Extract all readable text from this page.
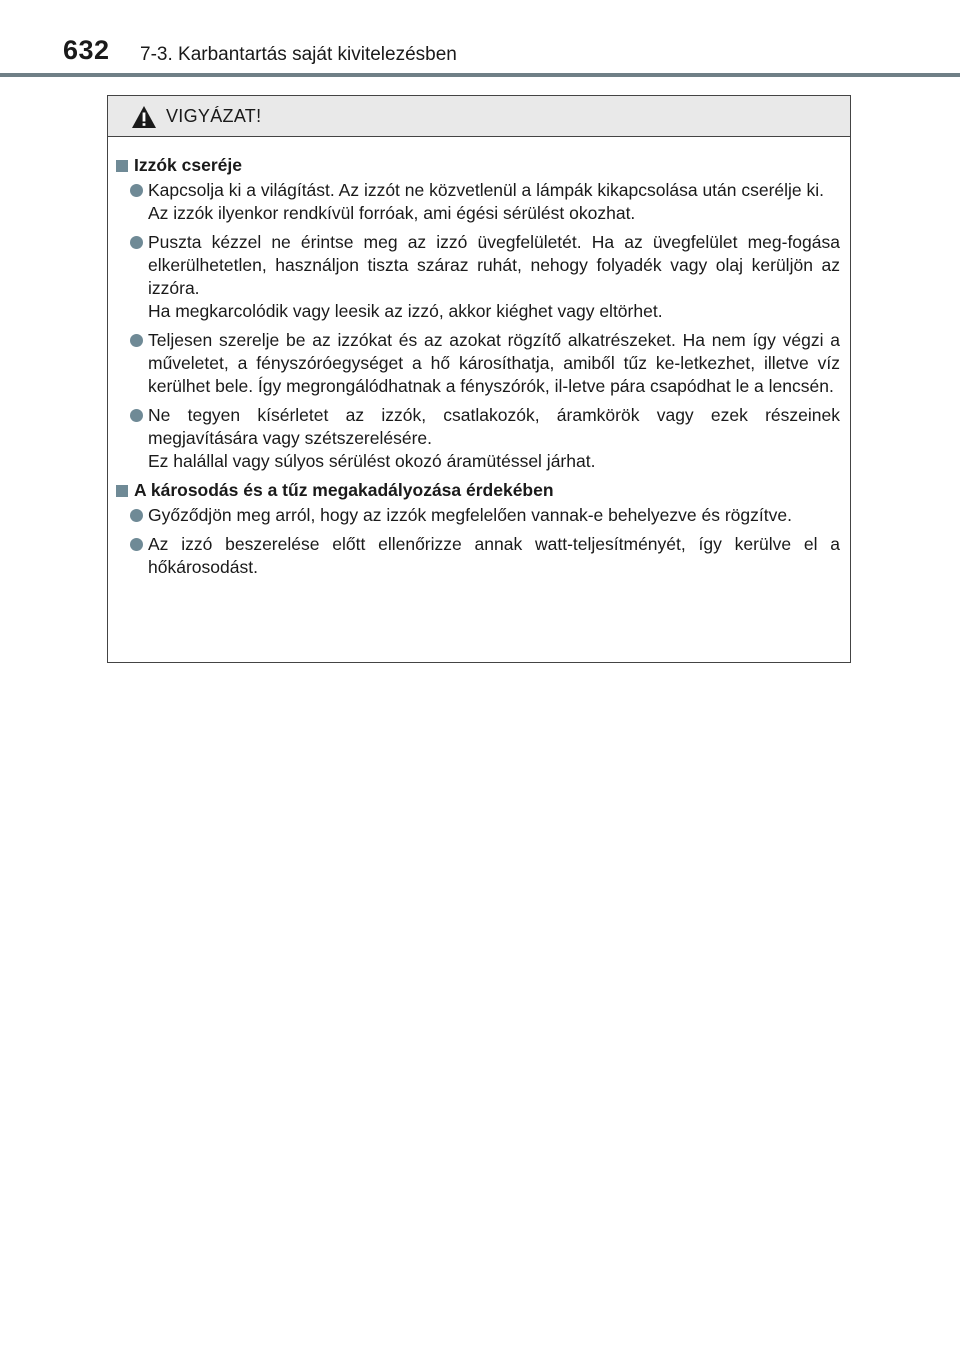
632 7-3. Karbantartás saját kivitelezésben
VIGYÁZAT!
Izzók cseréje
Kapcsolja ki a világítást. Az izzót ne közvetlenül a lámpák kikapcsolása után cserélje ki.

Az izzók ilyenkor rendkívül forróak, ami égési sérülést okozhat.

Puszta kézzel ne érintse meg az izzó üvegfelületét. Ha az üvegfelület meg-fogása elkerülhetetlen, használjon tiszta száraz ruhát, nehogy folyadék vagy olaj kerüljön az izzóra.

Ha megkarcolódik vagy leesik az izzó, akkor kiéghet vagy eltörhet.

Teljesen szerelje be az izzókat és az azokat rögzítő alkatrészeket. Ha nem így végzi a műveletet, a fényszóróegységet a hő károsíthatja, amiből tűz ke-letkezhet, illetve víz kerülhet bele. Így megrongálódhatnak a fényszórók, il-letve pára csapódhat le a lencsén.
Ne tegyen kísérletet az izzók, csatlakozók, áramkörök vagy ezek részeinek megjavítására vagy szétszerelésére.

Ez halállal vagy súlyos sérülést okozó áramütéssel járhat.

A károsodás és a tűz megakadályozása érdekében
Győződjön meg arról, hogy az izzók megfelelően vannak-e behelyezve és rögzítve.
Az izzó beszerelése előtt ellenőrizze annak watt-teljesítményét, így kerülve el a hőkárosodást.
